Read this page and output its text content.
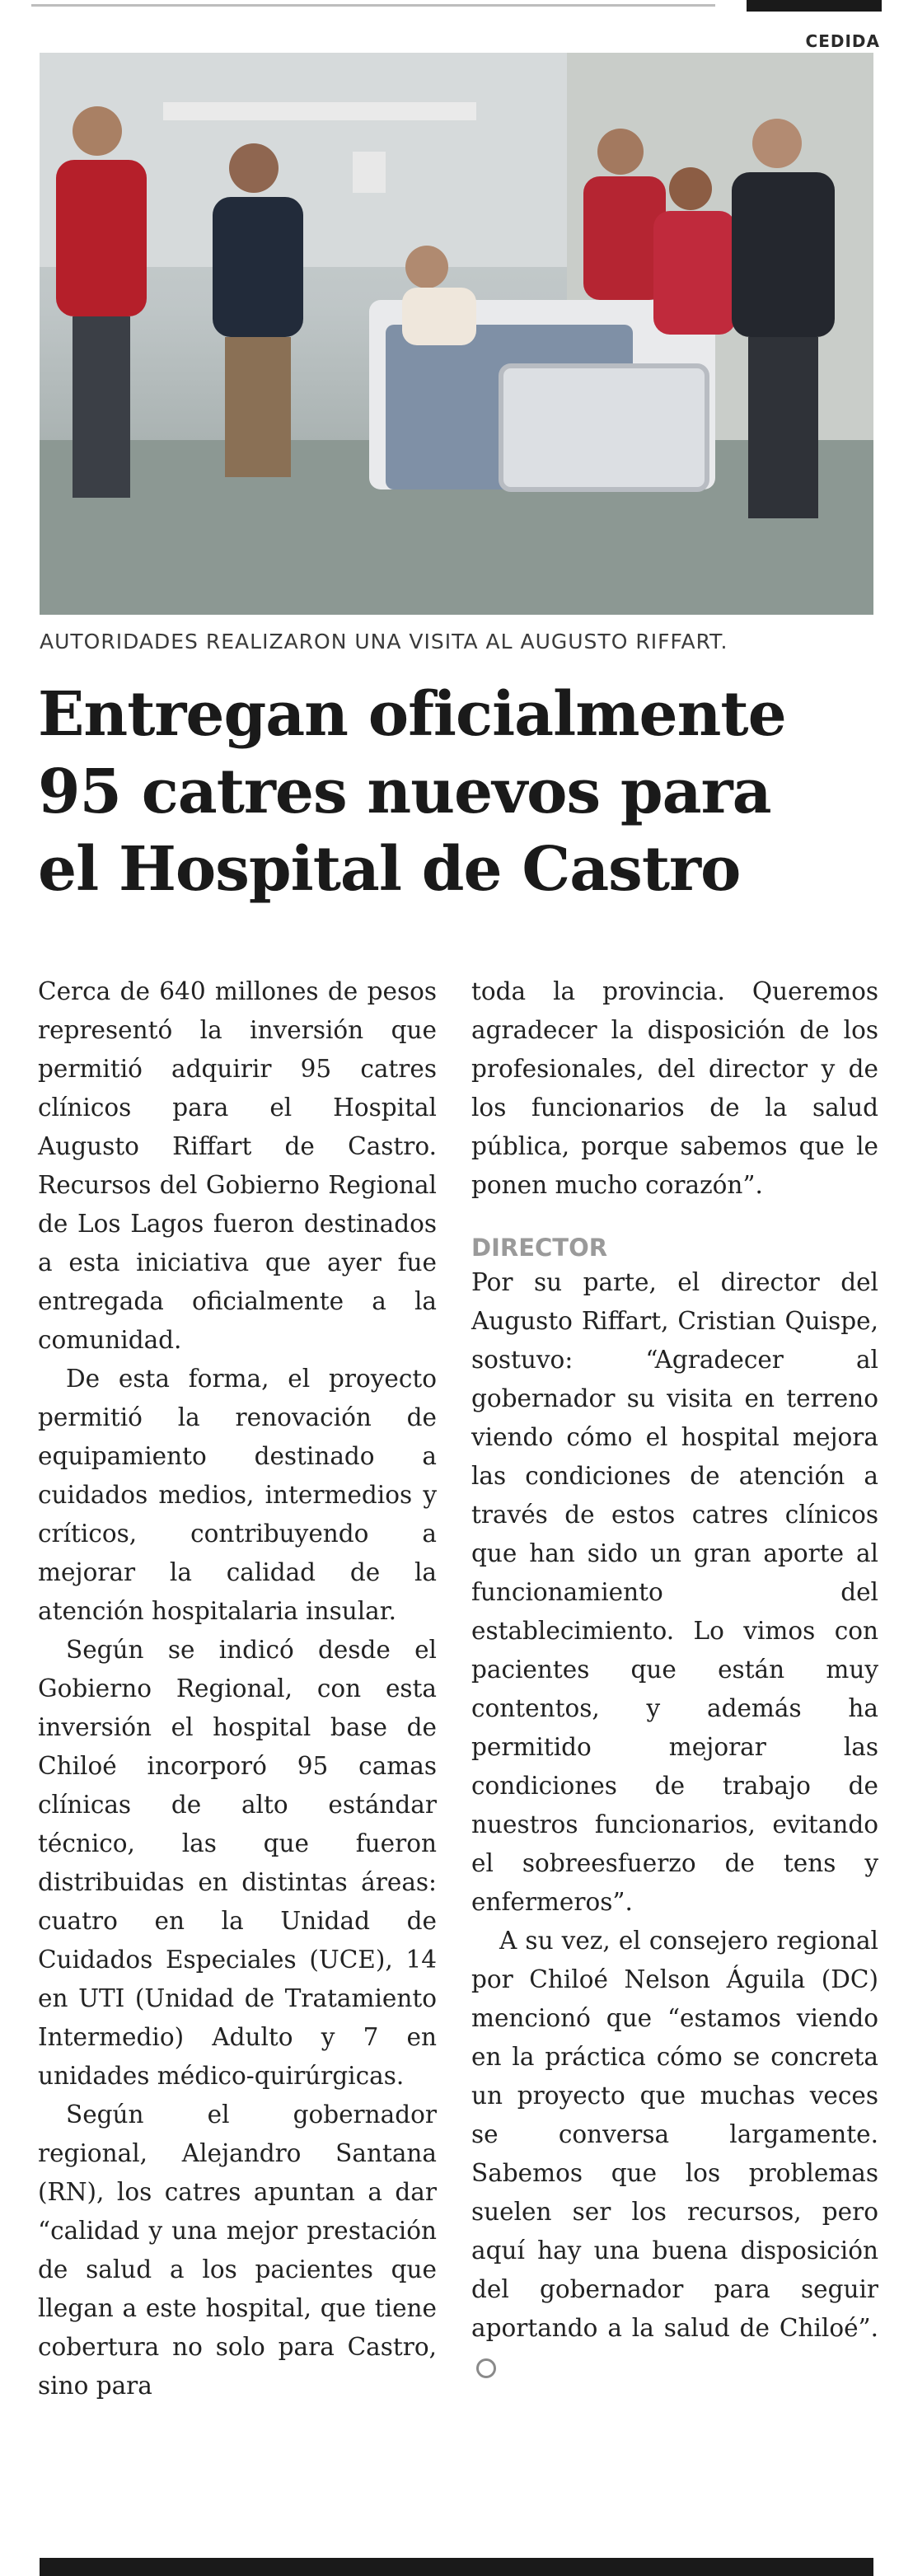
CEDIDA
AUTORIDADES REALIZARON UNA VISITA AL AUGUSTO RIFFART.
Entregan oficialmente
95 catres nuevos para
el Hospital de Castro

Cerca de 640 millones de pesos representó la inversión que permitió adquirir 95 catres clínicos para el Hospital Augusto Riffart de Castro. Recursos del Gobierno Regional de Los Lagos fueron destinados a esta iniciativa que ayer fue entregada oficialmente a la comunidad.

De esta forma, el proyecto permitió la renovación de equipamiento destinado a cuidados medios, intermedios y críticos, contribuyendo a mejorar la calidad de la atención hospitalaria insular.

Según se indicó desde el Gobierno Regional, con esta inversión el hospital base de Chiloé incorporó 95 camas clínicas de alto estándar técnico, las que fueron distribuidas en distintas áreas: cuatro en la Unidad de Cuidados Especiales (UCE), 14 en UTI (Unidad de Tratamiento Intermedio) Adulto y 7 en unidades médico-quirúrgicas.

Según el gobernador regional, Alejandro Santana (RN), los catres apuntan a dar “calidad y una mejor prestación de salud a los pacientes que llegan a este hospital, que tiene cobertura no solo para Castro, sino para

toda la provincia. Queremos agradecer la disposición de los profesionales, del director y de los funcionarios de la salud pública, porque sabemos que le ponen mucho corazón”.

DIRECTOR

Por su parte, el director del Augusto Riffart, Cristian Quispe, sostuvo: “Agradecer al gobernador su visita en terreno viendo cómo el hospital mejora las condiciones de atención a través de estos catres clínicos que han sido un gran aporte al funcionamiento del establecimiento. Lo vimos con pacientes que están muy contentos, y además ha permitido mejorar las condiciones de trabajo de nuestros funcionarios, evitando el sobreesfuerzo de tens y enfermeros”.

A su vez, el consejero regional por Chiloé Nelson Águila (DC) mencionó que “estamos viendo en la práctica cómo se concreta un proyecto que muchas veces se conversa largamente. Sabemos que los problemas suelen ser los recursos, pero aquí hay una buena disposición del gobernador para seguir aportando a la salud de Chiloé”.
